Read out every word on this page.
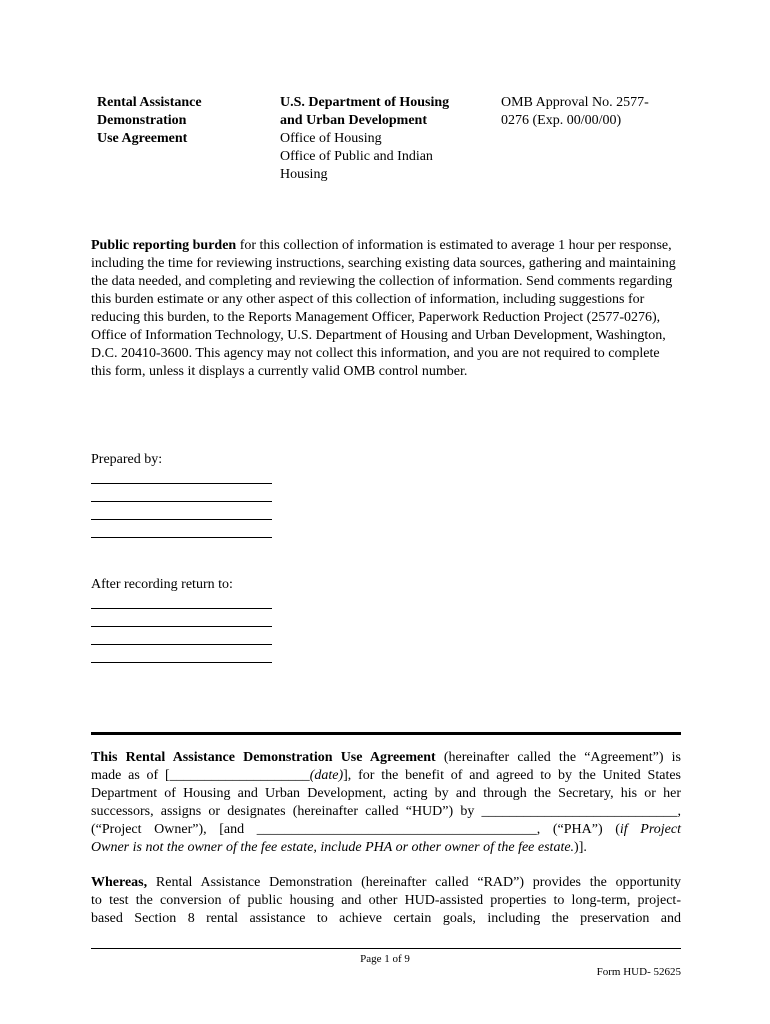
Rental Assistance
Demonstration
Use Agreement
U.S. Department of Housing
and Urban Development
Office of Housing
Office of Public and Indian
Housing
OMB Approval No. 2577-
0276 (Exp. 00/00/00)
Public reporting burden for this collection of information is estimated to average 1 hour per response, including the time for reviewing instructions, searching existing data sources, gathering and maintaining the data needed, and completing and reviewing the collection of information. Send comments regarding this burden estimate or any other aspect of this collection of information, including suggestions for reducing this burden, to the Reports Management Officer, Paperwork Reduction Project (2577-0276), Office of Information Technology, U.S. Department of Housing and Urban Development, Washington, D.C. 20410-3600. This agency may not collect this information, and you are not required to complete this form, unless it displays a currently valid OMB control number.
Prepared by:
After recording return to:
This Rental Assistance Demonstration Use Agreement (hereinafter called the “Agreement”) is
made as of [____________________(date)], for the benefit of and agreed to by the United States
Department of Housing and Urban Development, acting by and through the Secretary, his or her
successors, assigns or designates (hereinafter called “HUD”) by ____________________________,
(“Project Owner”), [and ________________________________________, (“PHA”) (if Project
Owner is not the owner of the fee estate, include PHA or other owner of the fee estate.)].
Whereas, Rental Assistance Demonstration (hereinafter called “RAD”) provides the opportunity
to test the conversion of public housing and other HUD-assisted properties to long-term, project-
based Section 8 rental assistance to achieve certain goals, including the preservation and
Page 1 of 9
Form HUD- 52625
